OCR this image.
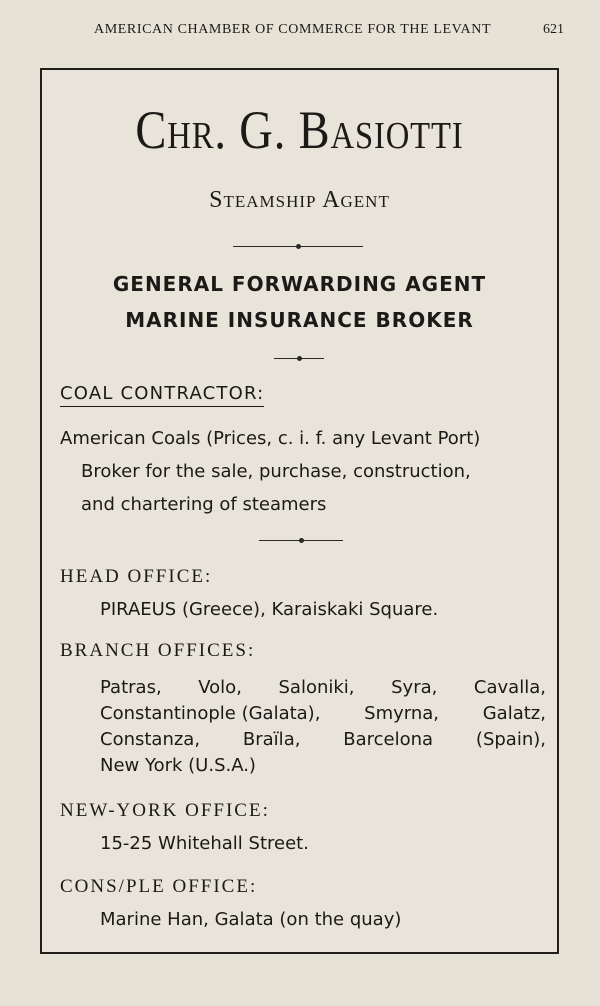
AMERICAN CHAMBER OF COMMERCE FOR THE LEVANT	621
Chr. G. Basiotti
Steamship Agent
GENERAL FORWARDING AGENT
MARINE INSURANCE BROKER
COAL CONTRACTOR:
American Coals (Prices, c. i. f. any Levant Port)
Broker for the sale, purchase, construction,
and chartering of steamers
HEAD OFFICE:
PIRAEUS (Greece), Karaiskaki Square.
BRANCH OFFICES:
Patras, Volo, Saloniki, Syra, Cavalla,
Constantinople (Galata), Smyrna, Galatz,
Constanza, Braïla, Barcelona (Spain),
New York (U.S.A.)
NEW-YORK OFFICE:
15-25 Whitehall Street.
CONS/PLE OFFICE:
Marine Han, Galata (on the quay)
